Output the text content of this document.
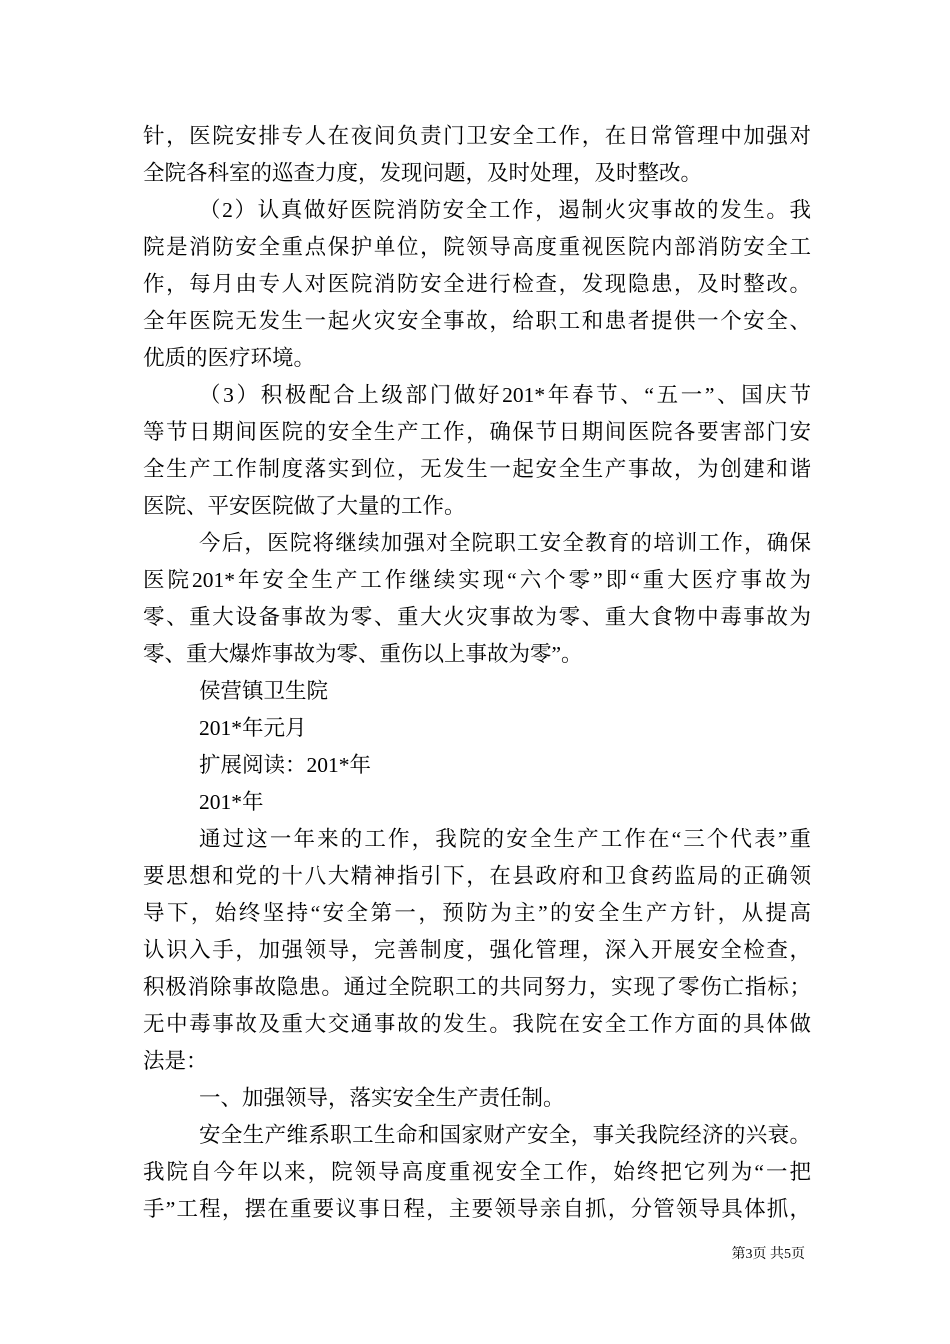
针，医院安排专人在夜间负责门卫安全工作，在日常管理中加强对
全院各科室的巡查力度，发现问题，及时处理，及时整改。
（2）认真做好医院消防安全工作，遏制火灾事故的发生。我
院是消防安全重点保护单位，院领导高度重视医院内部消防安全工
作，每月由专人对医院消防安全进行检查，发现隐患，及时整改。
全年医院无发生一起火灾安全事故，给职工和患者提供一个安全、
优质的医疗环境。
（3）积极配合上级部门做好201*年春节、“五一”、国庆节
等节日期间医院的安全生产工作，确保节日期间医院各要害部门安
全生产工作制度落实到位，无发生一起安全生产事故，为创建和谐
医院、平安医院做了大量的工作。
今后，医院将继续加强对全院职工安全教育的培训工作，确保
医院201*年安全生产工作继续实现“六个零”即“重大医疗事故为
零、重大设备事故为零、重大火灾事故为零、重大食物中毒事故为
零、重大爆炸事故为零、重伤以上事故为零”。
侯营镇卫生院
201*年元月
扩展阅读：201*年
201*年
通过这一年来的工作，我院的安全生产工作在“三个代表”重
要思想和党的十八大精神指引下，在县政府和卫食药监局的正确领
导下，始终坚持“安全第一，预防为主”的安全生产方针，从提高
认识入手，加强领导，完善制度，强化管理，深入开展安全检查，
积极消除事故隐患。通过全院职工的共同努力，实现了零伤亡指标；
无中毒事故及重大交通事故的发生。我院在安全工作方面的具体做
法是：
一、加强领导，落实安全生产责任制。
安全生产维系职工生命和国家财产安全，事关我院经济的兴衰。
我院自今年以来，院领导高度重视安全工作，始终把它列为“一把
手”工程，摆在重要议事日程，主要领导亲自抓，分管领导具体抓，
第3页 共5页
